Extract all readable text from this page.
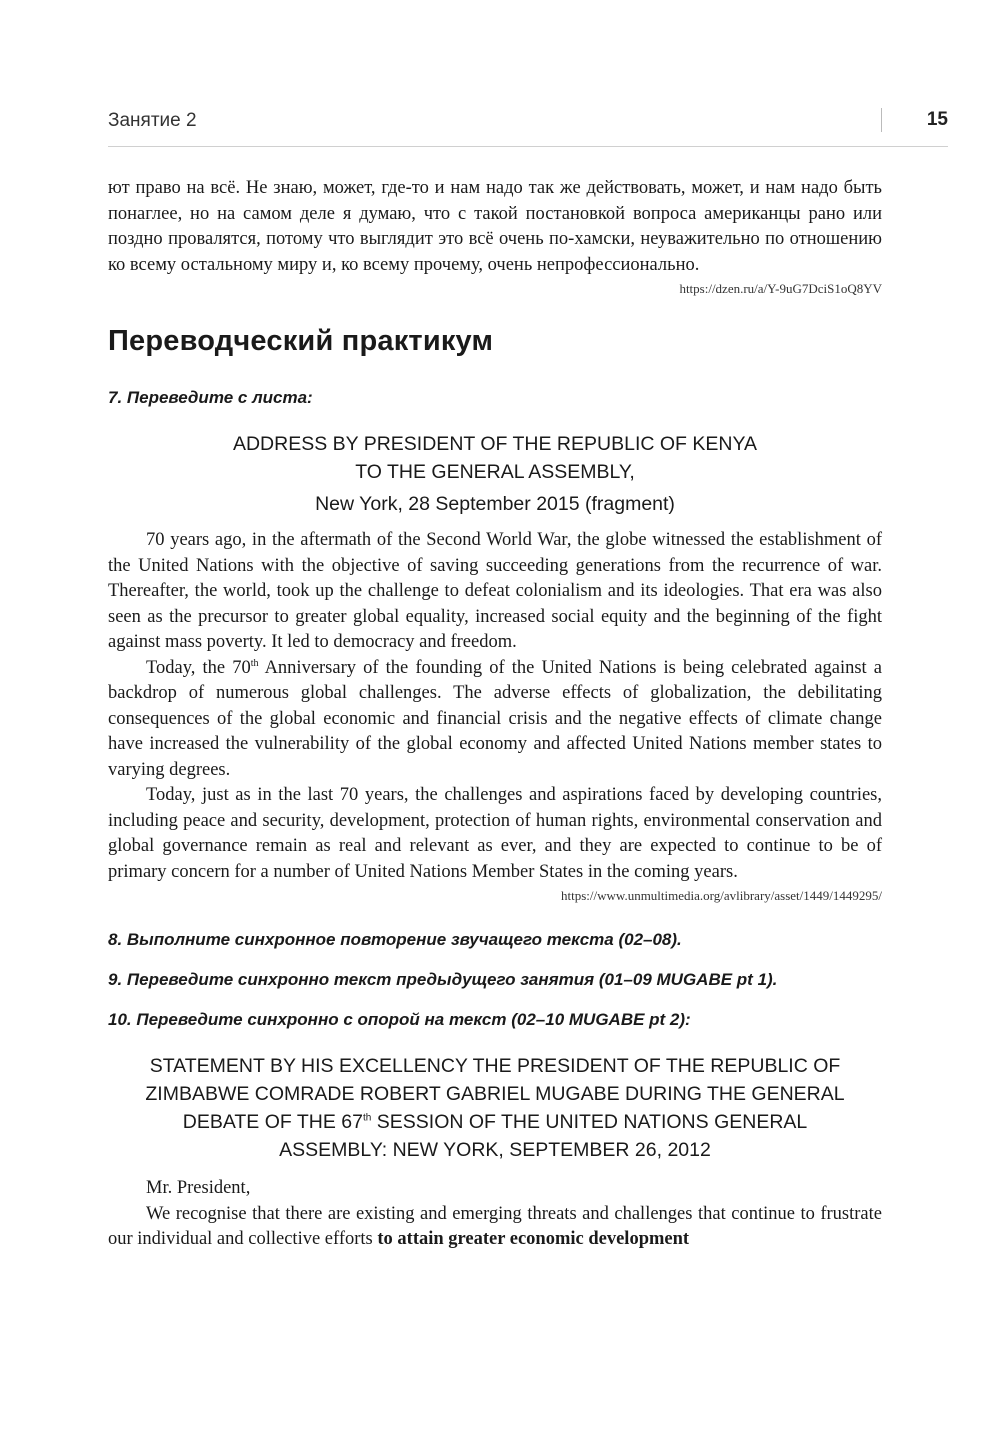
Занятие 2	15

ют право на всё. Не знаю, может, где-то и нам надо так же действовать, может, и нам надо быть понаглее, но на самом деле я думаю, что с такой постановкой вопроса американцы рано или поздно провалятся, потому что выглядит это всё очень по-хамски, неуважительно по отношению ко всему остальному миру и, ко всему прочему, очень непрофессионально.

https://dzen.ru/a/Y-9uG7DciS1oQ8YV

Переводческий практикум

7. Переведите с листа:

ADDRESS BY PRESIDENT OF THE REPUBLIC OF KENYA

TO THE GENERAL ASSEMBLY,

New York, 28 September 2015 (fragment)

70 years ago, in the aftermath of the Second World War, the globe witnessed the establishment of the United Nations with the objective of saving succeeding generations from the recurrence of war. Thereafter, the world, took up the challenge to defeat colonialism and its ideologies. That era was also seen as the precursor to greater global equality, increased social equity and the beginning of the fight against mass poverty. It led to democracy and freedom.

Today, the 70th Anniversary of the founding of the United Nations is being celebrated against a backdrop of numerous global challenges. The adverse effects of globalization, the debilitating consequences of the global economic and financial crisis and the negative effects of climate change have increased the vulnerability of the global economy and affected United Nations member states to varying degrees.

Today, just as in the last 70 years, the challenges and aspirations faced by developing countries, including peace and security, development, protection of human rights, environmental conservation and global governance remain as real and relevant as ever, and they are expected to continue to be of primary concern for a number of United Nations Member States in the coming years.

https://www.unmultimedia.org/avlibrary/asset/1449/1449295/

8. Выполните синхронное повторение звучащего текста (02–08).

9. Переведите синхронно текст предыдущего занятия (01–09 MUGABE pt 1).

10. Переведите синхронно с опорой на текст (02–10 MUGABE pt 2):

STATEMENT BY HIS EXCELLENCY THE PRESIDENT OF THE REPUBLIC OF

ZIMBABWE COMRADE ROBERT GABRIEL MUGABE DURING THE GENERAL

DEBATE OF THE 67th SESSION OF THE UNITED NATIONS GENERAL

ASSEMBLY: NEW YORK, SEPTEMBER 26, 2012

Mr. President,

We recognise that there are existing and emerging threats and challenges that continue to frustrate our individual and collective efforts to attain greater economic development
